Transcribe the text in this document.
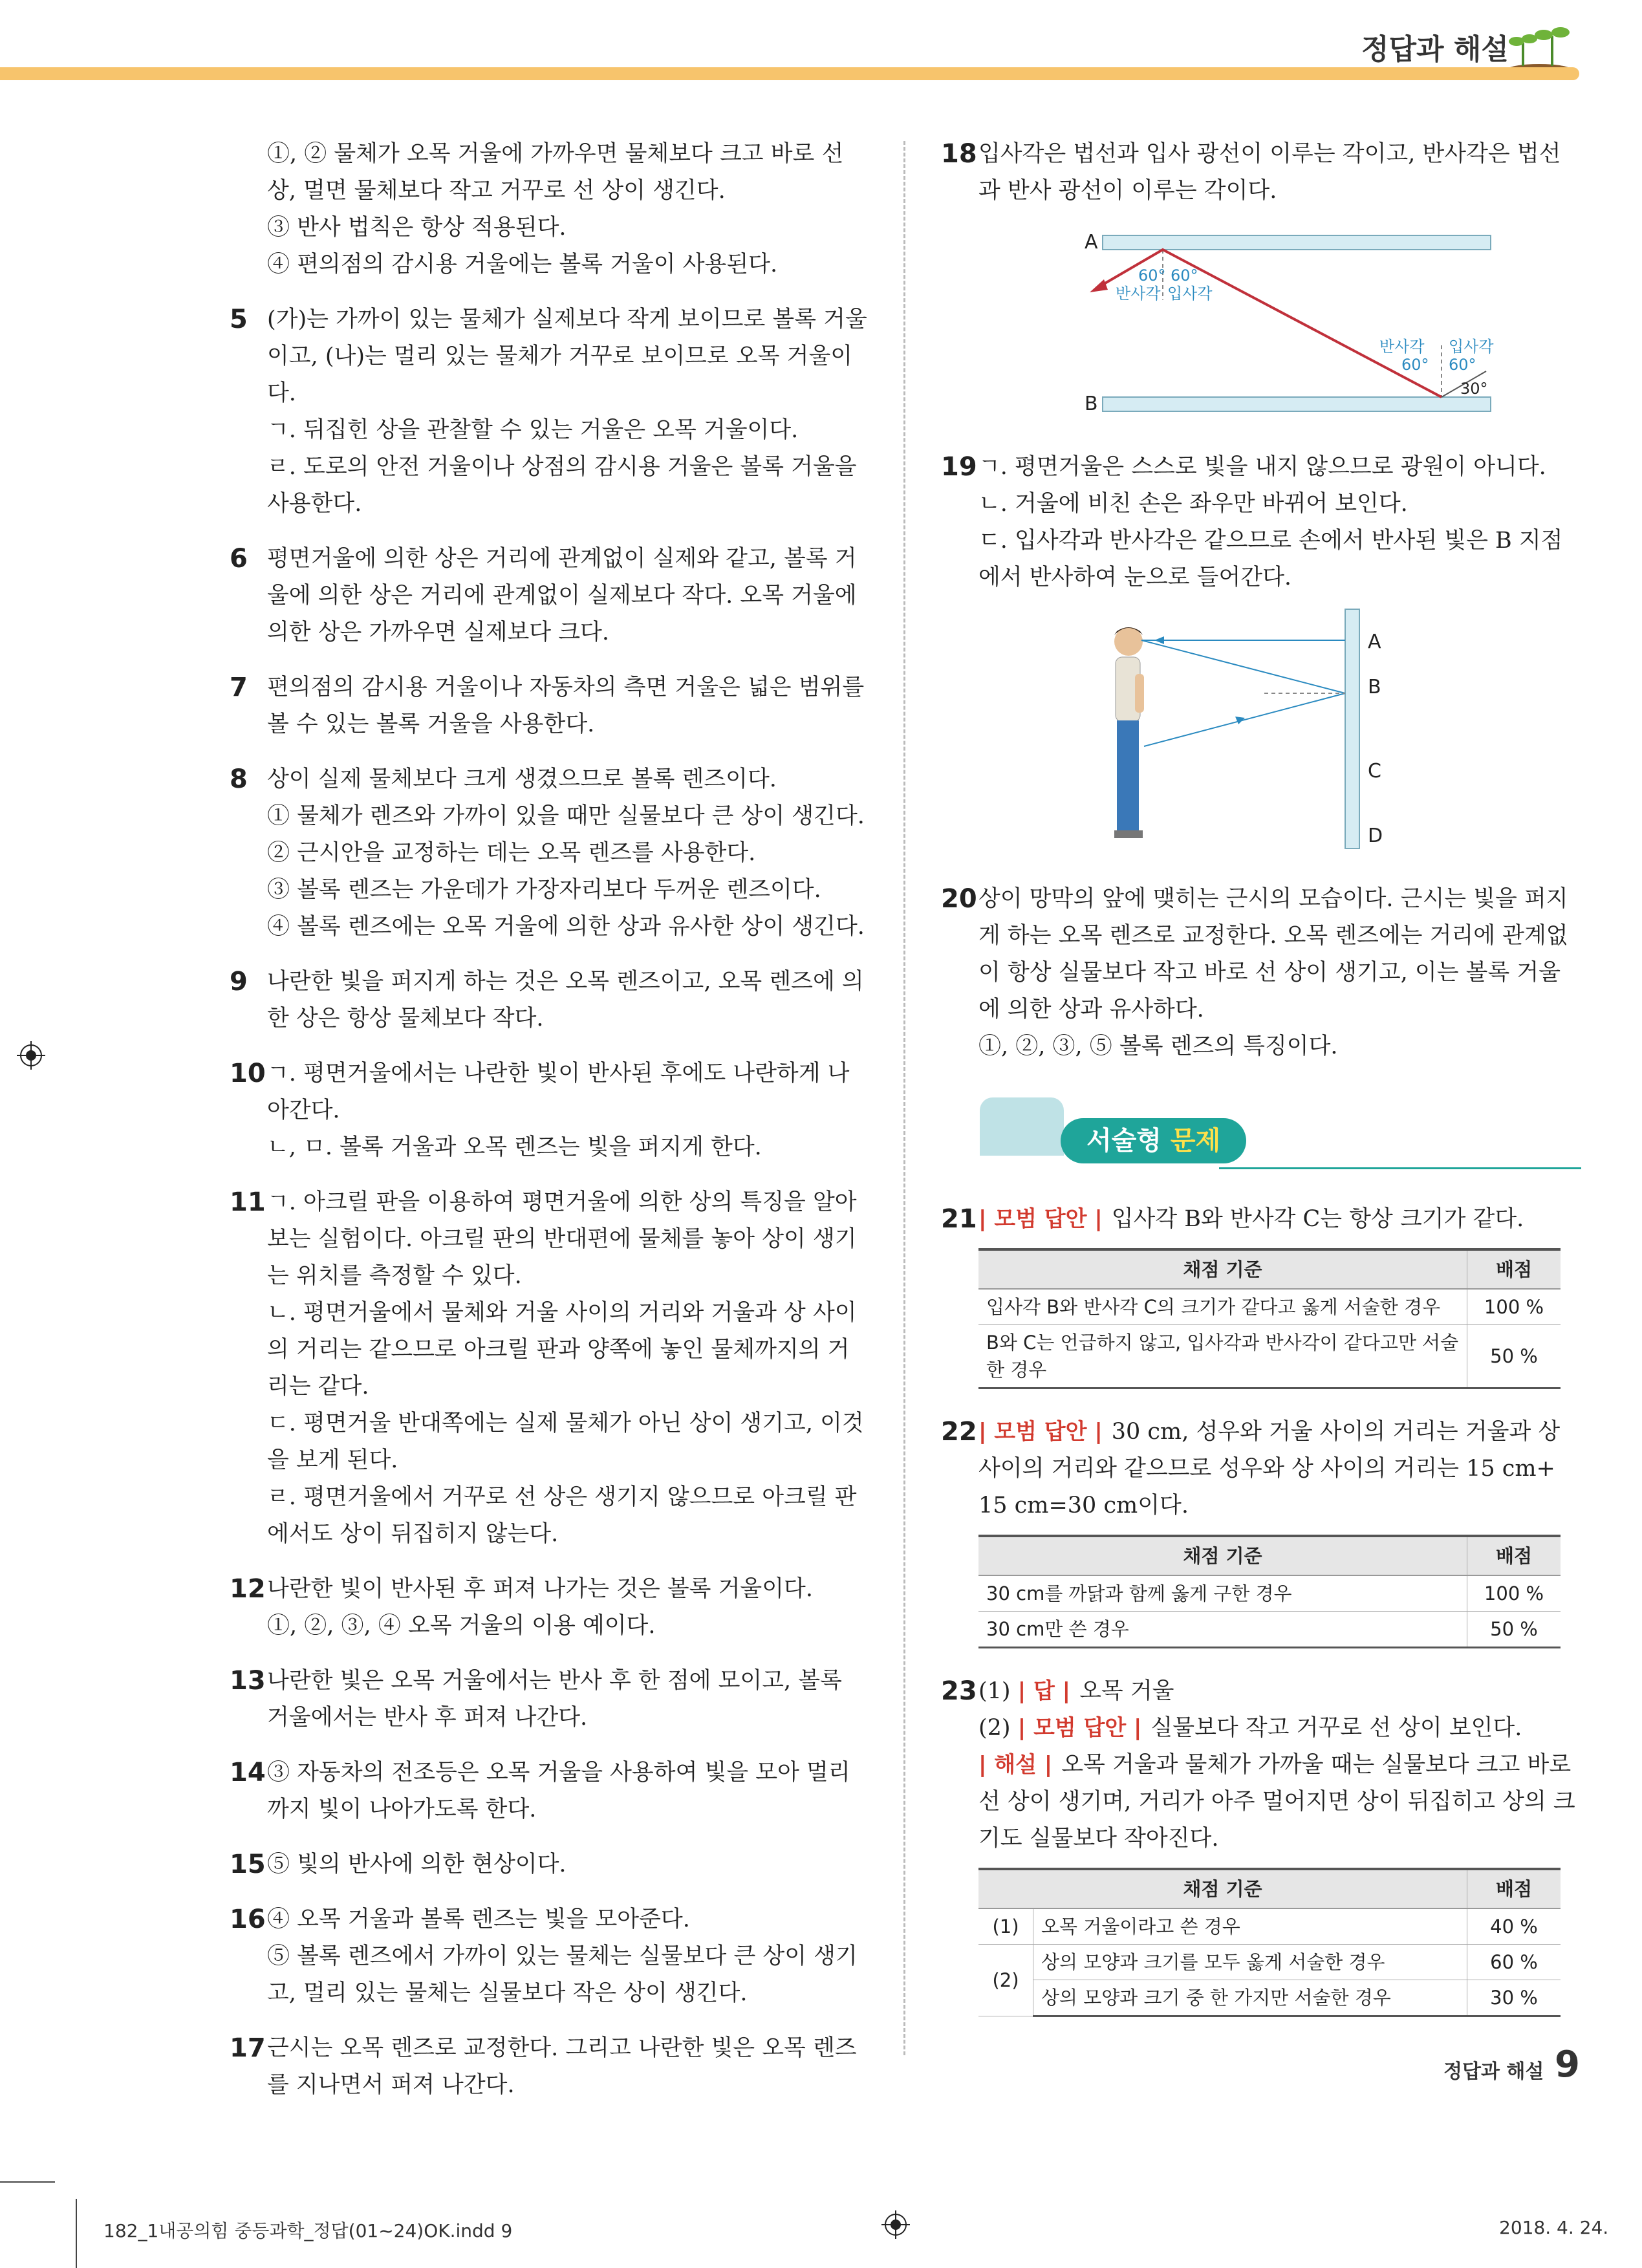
정답과 해설
①, ② 물체가 오목 거울에 가까우면 물체보다 크고 바로 선
상, 멀면 물체보다 작고 거꾸로 선 상이 생긴다.
③ 반사 법칙은 항상 적용된다.
④ 편의점의 감시용 거울에는 볼록 거울이 사용된다.
5 (가)는 가까이 있는 물체가 실제보다 작게 보이므로 볼록 거울
이고, (나)는 멀리 있는 물체가 거꾸로 보이므로 오목 거울이다.
ㄱ. 뒤집힌 상을 관찰할 수 있는 거울은 오목 거울이다.
ㄹ. 도로의 안전 거울이나 상점의 감시용 거울은 볼록 거울을
사용한다.
6 평면거울에 의한 상은 거리에 관계없이 실제와 같고, 볼록 거
울에 의한 상은 거리에 관계없이 실제보다 작다. 오목 거울에
의한 상은 가까우면 실제보다 크다.
7 편의점의 감시용 거울이나 자동차의 측면 거울은 넓은 범위를
볼 수 있는 볼록 거울을 사용한다.
8 상이 실제 물체보다 크게 생겼으므로 볼록 렌즈이다.
① 물체가 렌즈와 가까이 있을 때만 실물보다 큰 상이 생긴다.
② 근시안을 교정하는 데는 오목 렌즈를 사용한다.
③ 볼록 렌즈는 가운데가 가장자리보다 두꺼운 렌즈이다.
④ 볼록 렌즈에는 오목 거울에 의한 상과 유사한 상이 생긴다.
9 나란한 빛을 퍼지게 하는 것은 오목 렌즈이고, 오목 렌즈에 의
한 상은 항상 물체보다 작다.
10 ㄱ. 평면거울에서는 나란한 빛이 반사된 후에도 나란하게 나
아간다.
ㄴ, ㅁ. 볼록 거울과 오목 렌즈는 빛을 퍼지게 한다.
11 ㄱ. 아크릴 판을 이용하여 평면거울에 의한 상의 특징을 알아
보는 실험이다. 아크릴 판의 반대편에 물체를 놓아 상이 생기
는 위치를 측정할 수 있다.
ㄴ. 평면거울에서 물체와 거울 사이의 거리와 거울과 상 사이
의 거리는 같으므로 아크릴 판과 양쪽에 놓인 물체까지의 거
리는 같다.
ㄷ. 평면거울 반대쪽에는 실제 물체가 아닌 상이 생기고, 이것
을 보게 된다.
ㄹ. 평면거울에서 거꾸로 선 상은 생기지 않으므로 아크릴 판
에서도 상이 뒤집히지 않는다.
12 나란한 빛이 반사된 후 퍼져 나가는 것은 볼록 거울이다.
①, ②, ③, ④ 오목 거울의 이용 예이다.
13 나란한 빛은 오목 거울에서는 반사 후 한 점에 모이고, 볼록
거울에서는 반사 후 퍼져 나간다.
14 ③ 자동차의 전조등은 오목 거울을 사용하여 빛을 모아 멀리
까지 빛이 나아가도록 한다.
15 ⑤ 빛의 반사에 의한 현상이다.
16 ④ 오목 거울과 볼록 렌즈는 빛을 모아준다.
⑤ 볼록 렌즈에서 가까이 있는 물체는 실물보다 큰 상이 생기
고, 멀리 있는 물체는 실물보다 작은 상이 생긴다.
17 근시는 오목 렌즈로 교정한다. 그리고 나란한 빛은 오목 렌즈
를 지나면서 퍼져 나간다.
18 입사각은 법선과 입사 광선이 이루는 각이고, 반사각은 법선
과 반사 광선이 이루는 각이다.
A
B
60° 60°
반사각 입사각
반사각 입사각
60° 60°
30°
19 ㄱ. 평면거울은 스스로 빛을 내지 않으므로 광원이 아니다.
ㄴ. 거울에 비친 손은 좌우만 바뀌어 보인다.
ㄷ. 입사각과 반사각은 같으므로 손에서 반사된 빛은 B 지점
에서 반사하여 눈으로 들어간다.
A
B
C
D
20 상이 망막의 앞에 맺히는 근시의 모습이다. 근시는 빛을 퍼지
게 하는 오목 렌즈로 교정한다. 오목 렌즈에는 거리에 관계없
이 항상 실물보다 작고 바로 선 상이 생기고, 이는 볼록 거울
에 의한 상과 유사하다.
①, ②, ③, ⑤ 볼록 렌즈의 특징이다.
서술형 문제
21 | 모범 답안 | 입사각 B와 반사각 C는 항상 크기가 같다.
채점 기준	배점
입사각 B와 반사각 C의 크기가 같다고 옳게 서술한 경우	100 %
B와 C는 언급하지 않고, 입사각과 반사각이 같다고만 서술한 경우	50 %
22 | 모범 답안 | 30 cm, 성우와 거울 사이의 거리는 거울과 상
사이의 거리와 같으므로 성우와 상 사이의 거리는 15 cm+
15 cm=30 cm이다.
채점 기준	배점
30 cm를 까닭과 함께 옳게 구한 경우	100 %
30 cm만 쓴 경우	50 %
23 (1) | 답 | 오목 거울
(2) | 모범 답안 | 실물보다 작고 거꾸로 선 상이 보인다.
| 해설 | 오목 거울과 물체가 가까울 때는 실물보다 크고 바로
선 상이 생기며, 거리가 아주 멀어지면 상이 뒤집히고 상의 크
기도 실물보다 작아진다.
채점 기준		배점
(1)	오목 거울이라고 쓴 경우	40 %
(2)	상의 모양과 크기를 모두 옳게 서술한 경우	60 %
	상의 모양과 크기 중 한 가지만 서술한 경우	30 %
정답과 해설 9
182_1내공의힘 중등과학_정답(01~24)OK.indd 9	2018. 4. 24.
